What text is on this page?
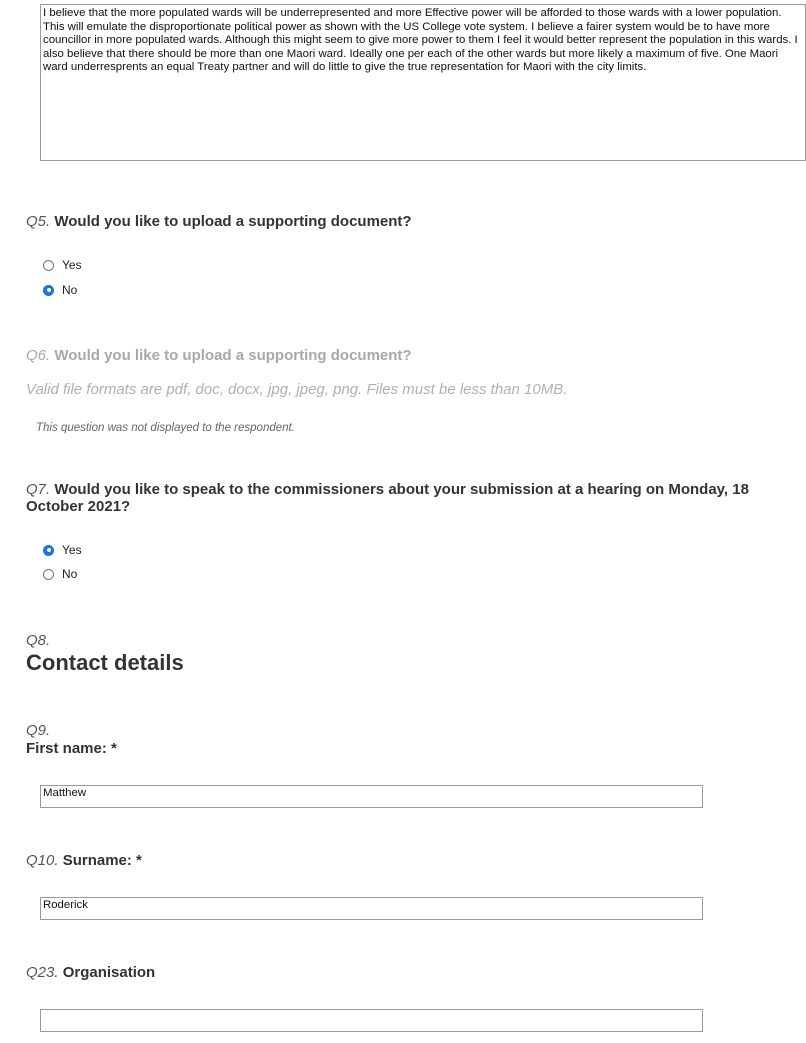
I believe that the more populated wards will be underrepresented and more Effective power will be afforded to those wards with a lower population. This will emulate the disproportionate political power as shown with the US College vote system. I believe a fairer system would be to have more councillor in more populated wards. Although this might seem to give more power to them I feel it would better represent the population in this wards. I also believe that there should be more than one Maori ward. Ideally one per each of the other wards but more likely a maximum of five. One Maori ward underresprents an equal Treaty partner and will do little to give the true representation for Maori with the city limits.
Q5. Would you like to upload a supporting document?
Yes
No
Q6. Would you like to upload a supporting document?
Valid file formats are pdf, doc, docx, jpg, jpeg, png. Files must be less than 10MB.
This question was not displayed to the respondent.
Q7. Would you like to speak to the commissioners about your submission at a hearing on Monday, 18
October 2021?
Yes
No
Q8.
Contact details
Q9.
First name: *
Matthew
Q10. Surname: *
Roderick
Q23. Organisation
